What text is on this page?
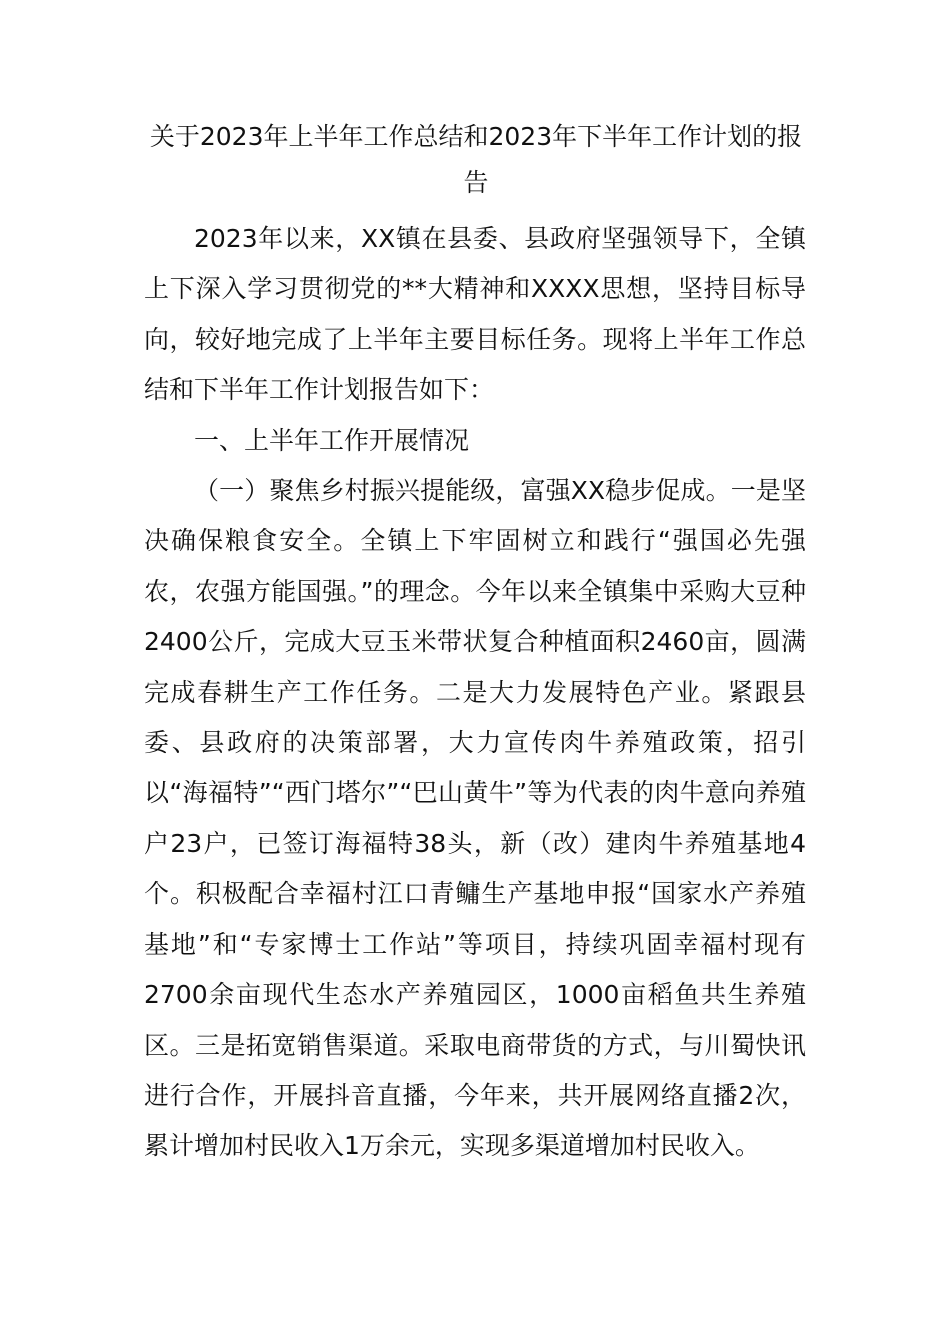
关于2023年上半年工作总结和2023年下半年工作计划的报告

2023年以来，XX镇在县委、县政府坚强领导下，全镇上下深入学习贯彻党的**大精神和XXXX思想，坚持目标导向，较好地完成了上半年主要目标任务。现将上半年工作总结和下半年工作计划报告如下：

一、上半年工作开展情况

（一）聚焦乡村振兴提能级，富强XX稳步促成。一是坚决确保粮食安全。全镇上下牢固树立和践行“强国必先强农，农强方能国强。”的理念。今年以来全镇集中采购大豆种2400公斤，完成大豆玉米带状复合种植面积2460亩，圆满完成春耕生产工作任务。二是大力发展特色产业。紧跟县委、县政府的决策部署，大力宣传肉牛养殖政策，招引以“海福特”“西门塔尔”“巴山黄牛”等为代表的肉牛意向养殖户23户，已签订海福特38头，新（改）建肉牛养殖基地4个。积极配合幸福村江口青鳙生产基地申报“国家水产养殖基地”和“专家博士工作站”等项目，持续巩固幸福村现有2700余亩现代生态水产养殖园区，1000亩稻鱼共生养殖区。三是拓宽销售渠道。采取电商带货的方式，与川蜀快讯进行合作，开展抖音直播，今年来，共开展网络直播2次，累计增加村民收入1万余元，实现多渠道增加村民收入。
